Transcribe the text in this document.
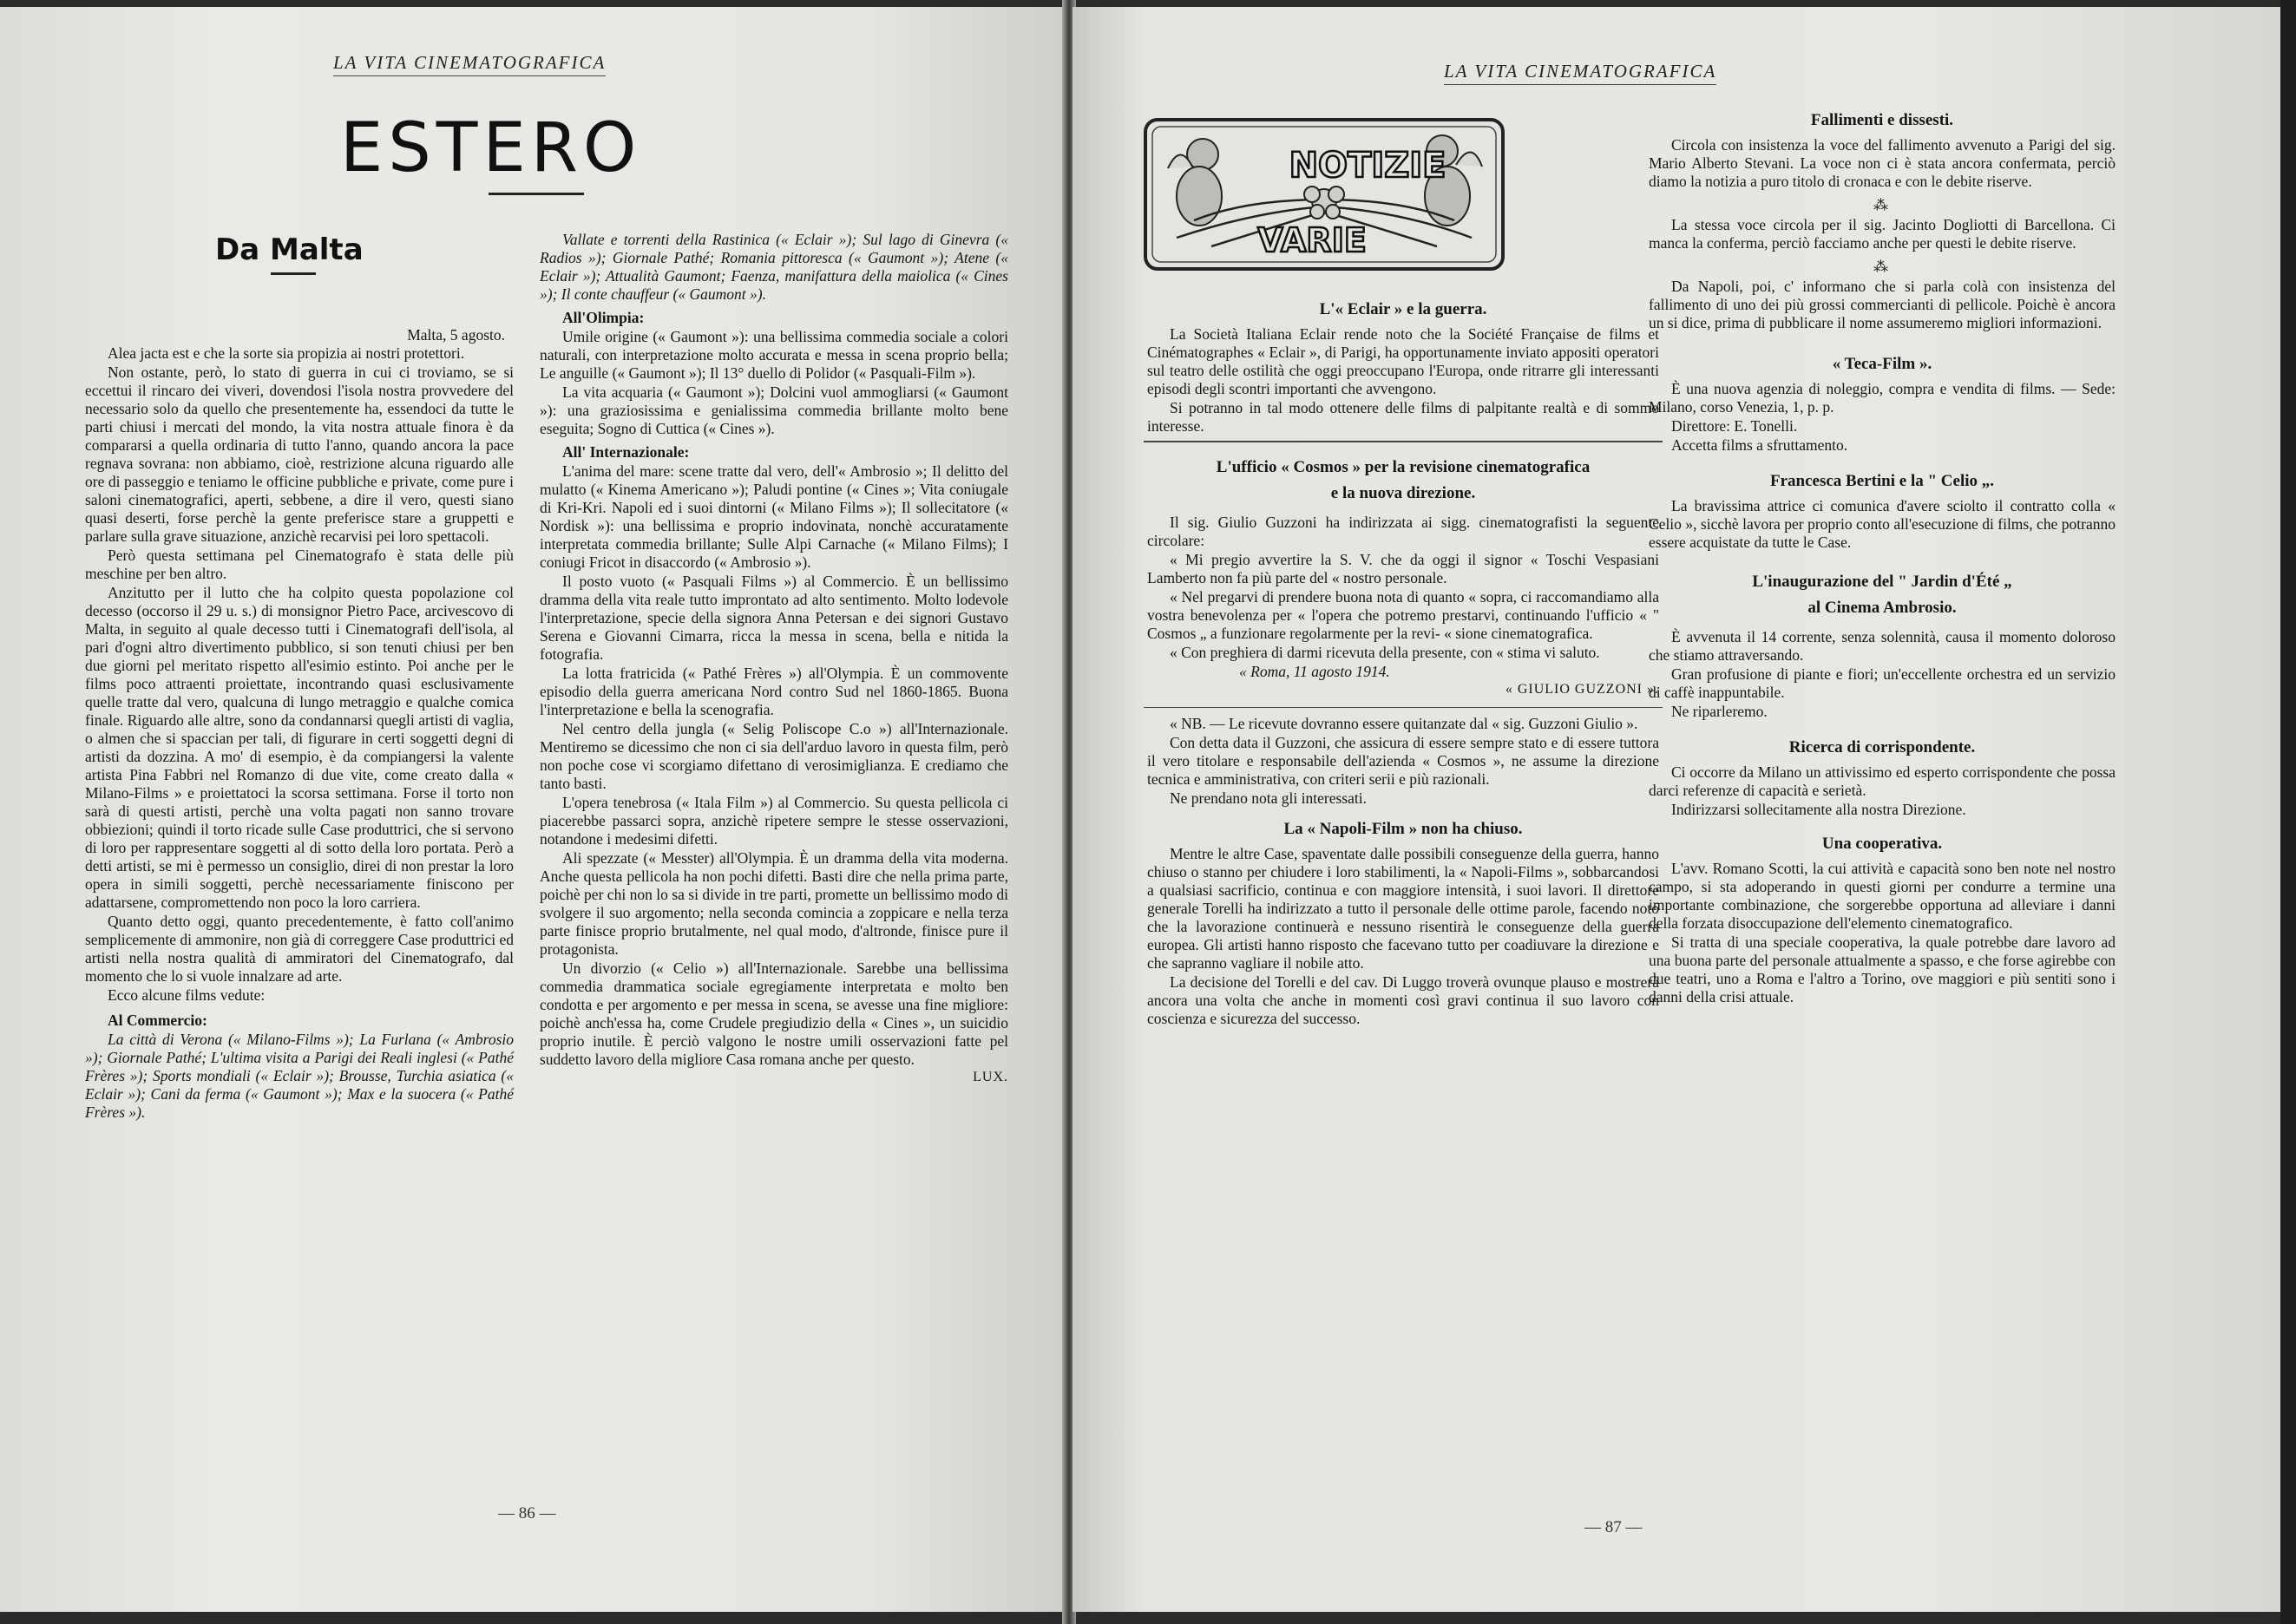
LA VITA CINEMATOGRAFICA
ESTERO
Da Malta
Malta, 5 agosto.

Alea jacta est e che la sorte sia propizia ai nostri protettori.

Non ostante, però, lo stato di guerra in cui ci troviamo, se si eccettui il rincaro dei viveri, dovendosi l'isola nostra provvedere del necessario solo da quello che presentemente ha, essendoci da tutte le parti chiusi i mercati del mondo, la vita nostra attuale finora è da compararsi a quella ordinaria di tutto l'anno, quando ancora la pace regnava sovrana: non abbiamo, cioè, restrizione alcuna riguardo alle ore di passeggio e teniamo le officine pubbliche e private, come pure i saloni cinematografici, aperti, sebbene, a dire il vero, questi siano quasi deserti, forse perchè la gente preferisce stare a gruppetti e parlare sulla grave situazione, anzichè recarvisi pei loro spettacoli.

Però questa settimana pel Cinematografo è stata delle più meschine per ben altro.

Anzitutto per il lutto che ha colpito questa popolazione col decesso (occorso il 29 u. s.) di monsignor Pietro Pace, arcivescovo di Malta, in seguito al quale decesso tutti i Cinematografi dell'isola, al pari d'ogni altro divertimento pubblico, si son tenuti chiusi per ben due giorni pel meritato rispetto all'esimio estinto. Poi anche per le films poco attraenti proiettate, incontrando quasi esclusivamente quelle tratte dal vero, qualcuna di lungo metraggio e qualche comica finale. Riguardo alle altre, sono da condannarsi quegli artisti di vaglia, o almen che si spaccian per tali, di figurare in certi soggetti degni di artisti da dozzina. A mo' di esempio, è da compiangersi la valente artista Pina Fabbri nel Romanzo di due vite, come creato dalla « Milano-Films » e proiettatoci la scorsa settimana. Forse il torto non sarà di questi artisti, perchè una volta pagati non sanno trovare obbiezioni; quindi il torto ricade sulle Case produttrici, che si servono di loro per rappresentare soggetti al di sotto della loro portata. Però a detti artisti, se mi è permesso un consiglio, direi di non prestar la loro opera in simili soggetti, perchè necessariamente finiscono per adattarsene, compromettendo non poco la loro carriera.

Quanto detto oggi, quanto precedentemente, è fatto coll'animo semplicemente di ammonire, non già di correggere Case produttrici ed artisti nella nostra qualità di ammiratori del Cinematografo, dal momento che lo si vuole innalzare ad arte.

Ecco alcune films vedute:

Al Commercio:

La città di Verona (« Milano-Films »); La Furlana (« Ambrosio »); Giornale Pathé; L'ultima visita a Parigi dei Reali inglesi (« Pathé Frères »); Sports mondiali (« Eclair »); Brousse, Turchia asiatica (« Eclair »); Cani da ferma (« Gaumont »); Max e la suocera (« Pathé Frères »).

Vallate e torrenti della Rastinica (« Eclair »); Sul lago di Ginevra (« Radios »); Giornale Pathé; Romania pittoresca (« Gaumont »); Atene (« Eclair »); Attualità Gaumont; Faenza, manifattura della maiolica (« Cines »); Il conte chauffeur (« Gaumont »).

All'Olimpia:

Umile origine (« Gaumont »): una bellissima commedia sociale a colori naturali, con interpretazione molto accurata e messa in scena proprio bella; Le anguille (« Gaumont »); Il 13° duello di Polidor (« Pasquali-Film »).

La vita acquaria (« Gaumont »); Dolcini vuol ammogliarsi (« Gaumont »): una graziosissima e genialissima commedia brillante molto bene eseguita; Sogno di Cuttica (« Cines »).

All' Internazionale:

L'anima del mare: scene tratte dal vero, dell'« Ambrosio »; Il delitto del mulatto (« Kinema Americano »); Paludi pontine (« Cines »; Vita coniugale di Kri-Kri. Napoli ed i suoi dintorni (« Milano Films »); Il sollecitatore (« Nordisk »): una bellissima e proprio indovinata, nonchè accuratamente interpretata commedia brillante; Sulle Alpi Carnache (« Milano Films); I coniugi Fricot in disaccordo (« Ambrosio »).

Il posto vuoto (« Pasquali Films ») al Commercio. È un bellissimo dramma della vita reale tutto improntato ad alto sentimento. Molto lodevole l'interpretazione, specie della signora Anna Petersan e dei signori Gustavo Serena e Giovanni Cimarra, ricca la messa in scena, bella e nitida la fotografia.

La lotta fratricida (« Pathé Frères ») all'Olympia. È un commovente episodio della guerra americana Nord contro Sud nel 1860-1865. Buona l'interpretazione e bella la scenografia.

Nel centro della jungla (« Selig Poliscope C.o ») all'Internazionale. Mentiremo se dicessimo che non ci sia dell'arduo lavoro in questa film, però non poche cose vi scorgiamo difettano di verosimiglianza. E crediamo che tanto basti.

L'opera tenebrosa (« Itala Film ») al Commercio. Su questa pellicola ci piacerebbe passarci sopra, anzichè ripetere sempre le stesse osservazioni, notandone i medesimi difetti.

Ali spezzate (« Messter) all'Olympia. È un dramma della vita moderna. Anche questa pellicola ha non pochi difetti. Basti dire che nella prima parte, poichè per chi non lo sa si divide in tre parti, promette un bellissimo modo di svolgere il suo argomento; nella seconda comincia a zoppicare e nella terza parte finisce proprio brutalmente, nel qual modo, d'altronde, finisce pure il protagonista.

Un divorzio (« Celio ») all'Internazionale. Sarebbe una bellissima commedia drammatica sociale egregiamente interpretata e molto ben condotta e per argomento e per messa in scena, se avesse una fine migliore: poichè anch'essa ha, come Crudele pregiudizio della « Cines », un suicidio proprio inutile. È perciò valgono le nostre umili osservazioni fatte pel suddetto lavoro della migliore Casa romana anche per questo.

LUX.
— 86 —
LA VITA CINEMATOGRAFICA
NOTIZIE
VARIE
L'« Eclair » e la guerra.

La Società Italiana Eclair rende noto che la Société Française de films et Cinématographes « Eclair », di Parigi, ha opportunamente inviato appositi operatori sul teatro delle ostilità che oggi preoccupano l'Europa, onde ritrarre gli interessanti episodi degli scontri importanti che avvengono.

Si potranno in tal modo ottenere delle films di palpitante realtà e di sommo interesse.

L'ufficio « Cosmos » per la revisione cinematografica
e la nuova direzione.

Il sig. Giulio Guzzoni ha indirizzata ai sigg. cinematografisti la seguente circolare:

« Mi pregio avvertire la S. V. che da oggi il signor « Toschi Vespasiani Lamberto non fa più parte del « nostro personale.

« Nel pregarvi di prendere buona nota di quanto « sopra, ci raccomandiamo alla vostra benevolenza per « l'opera che potremo prestarvi, continuando l'ufficio « " Cosmos „ a funzionare regolarmente per la revi- « sione cinematografica.

« Con preghiera di darmi ricevuta della presente, con « stima vi saluto.

« Roma, 11 agosto 1914.

« GIULIO GUZZONI ».

« NB. — Le ricevute dovranno essere quitanzate dal « sig. Guzzoni Giulio ».

Con detta data il Guzzoni, che assicura di essere sempre stato e di essere tuttora il vero titolare e responsabile dell'azienda « Cosmos », ne assume la direzione tecnica e amministrativa, con criteri serii e più razionali.

Ne prendano nota gli interessati.

La « Napoli-Film » non ha chiuso.

Mentre le altre Case, spaventate dalle possibili conseguenze della guerra, hanno chiuso o stanno per chiudere i loro stabilimenti, la « Napoli-Films », sobbarcandosi a qualsiasi sacrificio, continua e con maggiore intensità, i suoi lavori. Il direttore generale Torelli ha indirizzato a tutto il personale delle ottime parole, facendo noto che la lavorazione continuerà e nessuno risentirà le conseguenze della guerra europea. Gli artisti hanno risposto che facevano tutto per coadiuvare la direzione e che sapranno vagliare il nobile atto.

La decisione del Torelli e del cav. Di Luggo troverà ovunque plauso e mostrerà ancora una volta che anche in momenti così gravi continua il suo lavoro con coscienza e sicurezza del successo.

Fallimenti e dissesti.

Circola con insistenza la voce del fallimento avvenuto a Parigi del sig. Mario Alberto Stevani. La voce non ci è stata ancora confermata, perciò diamo la notizia a puro titolo di cronaca e con le debite riserve.

⁂

La stessa voce circola per il sig. Jacinto Dogliotti di Barcellona. Ci manca la conferma, perciò facciamo anche per questi le debite riserve.

⁂

Da Napoli, poi, c' informano che si parla colà con insistenza del fallimento di uno dei più grossi commercianti di pellicole. Poichè è ancora un si dice, prima di pubblicare il nome assumeremo migliori informazioni.

« Teca-Film ».

È una nuova agenzia di noleggio, compra e vendita di films. — Sede: Milano, corso Venezia, 1, p. p.

Direttore: E. Tonelli.

Accetta films a sfruttamento.

Francesca Bertini e la " Celio „.

La bravissima attrice ci comunica d'avere sciolto il contratto colla « Celio », sicchè lavora per proprio conto all'esecuzione di films, che potranno essere acquistate da tutte le Case.

L'inaugurazione del " Jardin d'Été „
al Cinema Ambrosio.

È avvenuta il 14 corrente, senza solennità, causa il momento doloroso che stiamo attraversando.

Gran profusione di piante e fiori; un'eccellente orchestra ed un servizio di caffè inappuntabile.

Ne riparleremo.

Ricerca di corrispondente.

Ci occorre da Milano un attivissimo ed esperto corrispondente che possa darci referenze di capacità e serietà.

Indirizzarsi sollecitamente alla nostra Direzione.

Una cooperativa.

L'avv. Romano Scotti, la cui attività e capacità sono ben note nel nostro campo, si sta adoperando in questi giorni per condurre a termine una importante combinazione, che sorgerebbe opportuna ad alleviare i danni della forzata disoccupazione dell'elemento cinematografico.

Si tratta di una speciale cooperativa, la quale potrebbe dare lavoro ad una buona parte del personale attualmente a spasso, e che forse agirebbe con due teatri, uno a Roma e l'altro a Torino, ove maggiori e più sentiti sono i danni della crisi attuale.

— 87 —
